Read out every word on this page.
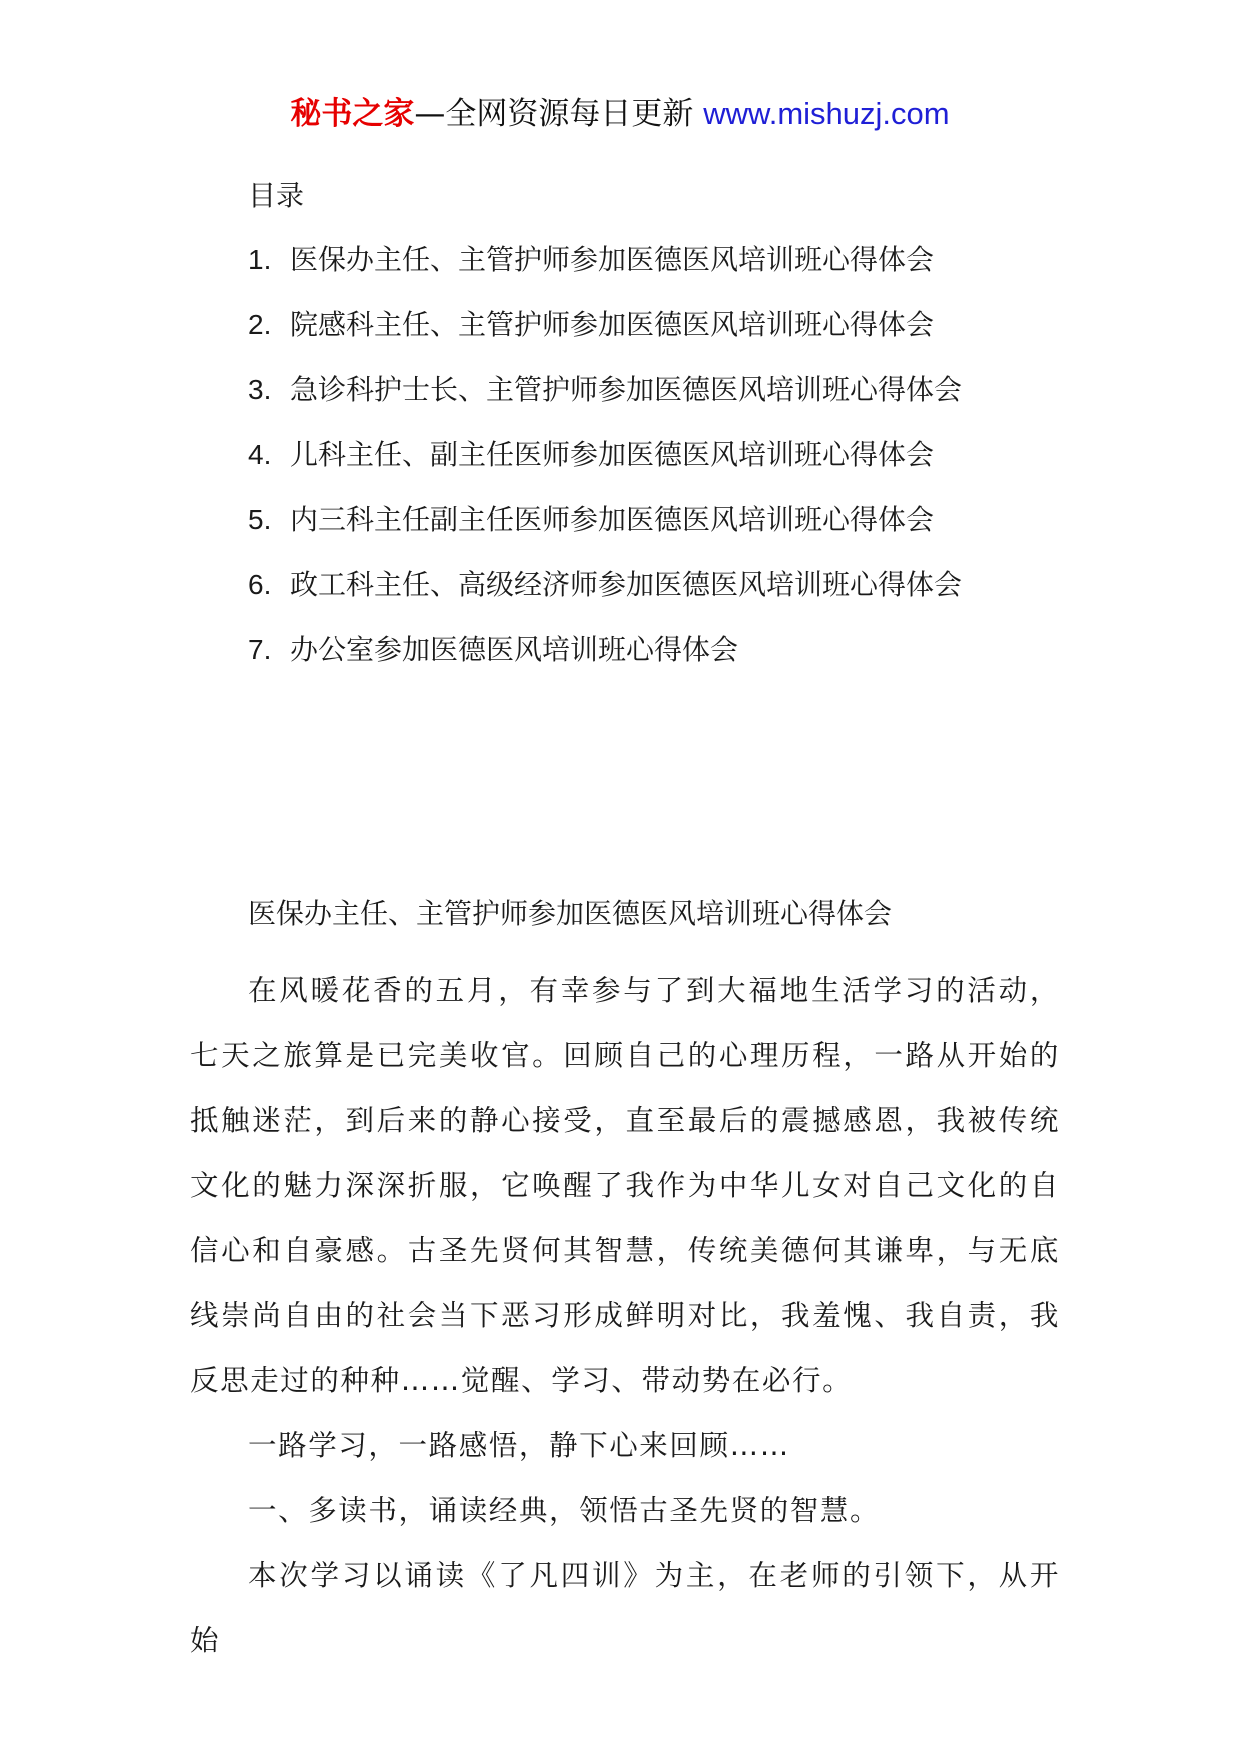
秘书之家—全网资源每日更新 www.mishuzj.com
目录
1. 医保办主任、主管护师参加医德医风培训班心得体会
2. 院感科主任、主管护师参加医德医风培训班心得体会
3. 急诊科护士长、主管护师参加医德医风培训班心得体会
4. 儿科主任、副主任医师参加医德医风培训班心得体会
5. 内三科主任副主任医师参加医德医风培训班心得体会
6. 政工科主任、高级经济师参加医德医风培训班心得体会
7. 办公室参加医德医风培训班心得体会
医保办主任、主管护师参加医德医风培训班心得体会

在风暖花香的五月，有幸参与了到大福地生活学习的活动，七天之旅算是已完美收官。回顾自己的心理历程，一路从开始的抵触迷茫，到后来的静心接受，直至最后的震撼感恩，我被传统文化的魅力深深折服，它唤醒了我作为中华儿女对自己文化的自信心和自豪感。古圣先贤何其智慧，传统美德何其谦卑，与无底线崇尚自由的社会当下恶习形成鲜明对比，我羞愧、我自责，我反思走过的种种……觉醒、学习、带动势在必行。

一路学习，一路感悟，静下心来回顾……

一、多读书，诵读经典，领悟古圣先贤的智慧。

本次学习以诵读《了凡四训》为主，在老师的引领下，从开始
